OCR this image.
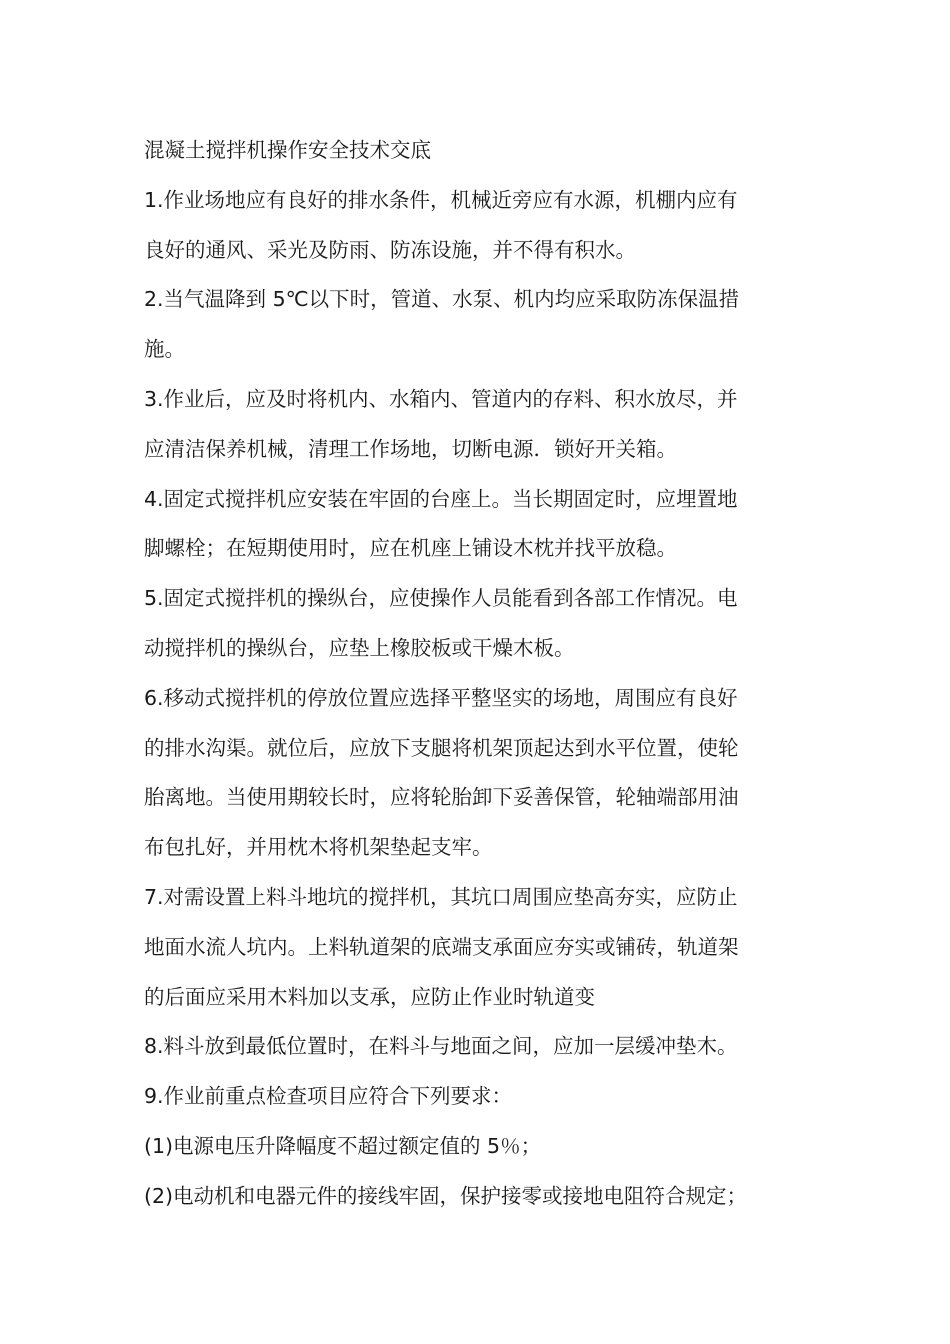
混凝土搅拌机操作安全技术交底
1.作业场地应有良好的排水条件，机械近旁应有水源，机棚内应有
良好的通风、采光及防雨、防冻设施，并不得有积水。
2.当气温降到 5℃以下时，管道、水泵、机内均应采取防冻保温措
施。
3.作业后，应及时将机内、水箱内、管道内的存料、积水放尽，并
应清洁保养机械，清理工作场地，切断电源．锁好开关箱。
4.固定式搅拌机应安装在牢固的台座上。当长期固定时，应埋置地
脚螺栓；在短期使用时，应在机座上铺设木枕并找平放稳。
5.固定式搅拌机的操纵台，应使操作人员能看到各部工作情况。电
动搅拌机的操纵台，应垫上橡胶板或干燥木板。
6.移动式搅拌机的停放位置应选择平整坚实的场地，周围应有良好
的排水沟渠。就位后，应放下支腿将机架顶起达到水平位置，使轮
胎离地。当使用期较长时，应将轮胎卸下妥善保管，轮轴端部用油
布包扎好，并用枕木将机架垫起支牢。
7.对需设置上料斗地坑的搅拌机，其坑口周围应垫高夯实，应防止
地面水流人坑内。上料轨道架的底端支承面应夯实或铺砖，轨道架
的后面应采用木料加以支承，应防止作业时轨道变
8.料斗放到最低位置时，在料斗与地面之间，应加一层缓冲垫木。
9.作业前重点检查项目应符合下列要求：
(1)电源电压升降幅度不超过额定值的 5％；
(2)电动机和电器元件的接线牢固，保护接零或接地电阻符合规定；
